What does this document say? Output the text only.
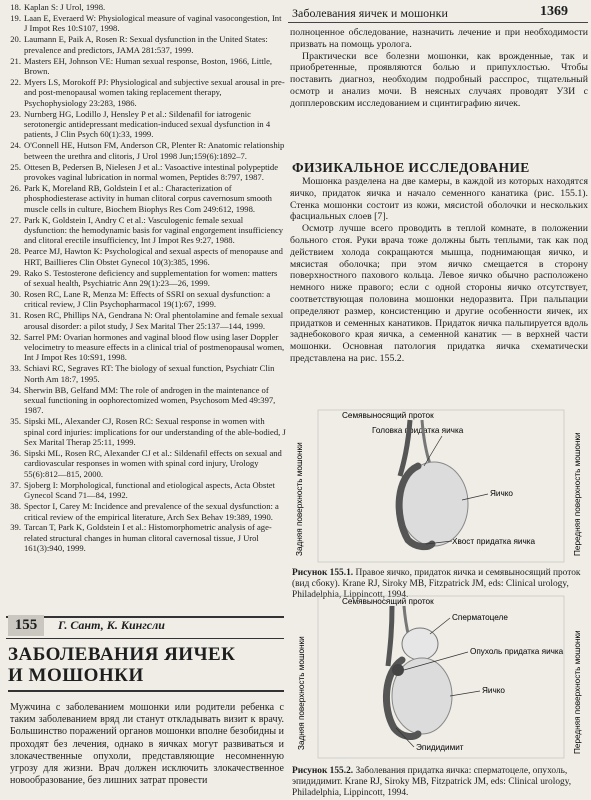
Заболевания яичек и мошонки	1369
18. Kaplan S: J Urol, 1998.
19. Laan E, Everaerd W: Physiological measure of vaginal vasocongestion, Int J Impot Res 10:S107, 1998.
20. Laumann E, Paik A, Rosen R: Sexual dysfunction in the United States: prevalence and predictors, JAMA 281:537, 1999.
21. Masters EH, Johnson VE: Human sexual response, Boston, 1966, Little, Brown.
22. Myers LS, Morokoff PJ: Physiological and subjective sexual arousal in pre- and post-menopausal women taking replacement therapy, Psychophysiology 23:283, 1986.
23. Nurnberg HG, Lodillo J, Hensley P et al.: Sildenafil for iatrogenic serotonergic antidepressant medication-induced sexual dysfunction in 4 patients, J Clin Psych 60(1):33, 1999.
24. O'Connell HE, Hutson FM, Anderson CR, Plenter R: Anatomic relationship between the urethra and clitoris, J Urol 1998 Jun;159(6):1892–7.
25. Ottesen B, Pedersen B, Nielesen J et al.: Vasoactive intestinal polypeptide provokes vaginal lubrication in normal women, Peptides 8:797, 1987.
26. Park K, Moreland RB, Goldstein I et al.: Characterization of phosphodiesterase activity in human clitoral corpus cavernosum smooth muscle cells in culture, Biochem Biophys Res Com 249:612, 1998.
27. Park K, Goldstein I, Andry C et al.: Vasculogenic female sexual dysfunction: the hemodynamic basis for vaginal engorgement insufficiency and clitoral erectile insufficiency, Int J Impot Res 9:27, 1988.
28. Pearce MJ, Hawton K: Psychological and sexual aspects of menopause and HRT, Baillieres Clin Obstet Gynecol 10(3):385, 1996.
29. Rako S. Testosterone deficiency and supplementation for women: matters of sexual health, Psychiatric Ann 29(1):23—26, 1999.
30. Rosen RC, Lane R, Menza M: Effects of SSRI on sexual dysfunction: a critical review, J Clin Psychopharmacol 19(1):67, 1999.
31. Rosen RC, Phillips NA, Gendrana N: Oral phentolamine and female sexual arousal disorder: a pilot study, J Sex Marital Ther 25:137—144, 1999.
32. Sarrel PM: Ovarian hormones and vaginal blood flow using laser Doppler velocimetry to measure effects in a clinical trial of postmenopausal women, Int J Impot Res 10:S91, 1998.
33. Schiavi RC, Segraves RT: The biology of sexual function, Psychiatr Clin North Am 18:7, 1995.
34. Sherwin BB, Gelfand MM: The role of androgen in the maintenance of sexual functioning in oophorectomized women, Psychosom Med 49:397, 1987.
35. Sipski ML, Alexander CJ, Rosen RC: Sexual response in women with spinal cord injuries: implications for our understanding of the able-bodied, J Sex Marital Therap 25:11, 1999.
36. Sipski ML, Rosen RC, Alexander CJ et al.: Sildenafil effects on sexual and cardiovascular responses in women with spinal cord injury, Urology 55(6):812—815, 2000.
37. Sjoberg I: Morphological, functional and etiological aspects, Acta Obstet Gynecol Scand 71—84, 1992.
38. Spector I, Carey M: Incidence and prevalence of the sexual dysfunction: a critical review of the empirical literature, Arch Sex Behav 19:389, 1990.
39. Tarcan T, Park K, Goldstein I et al.: Histomorphometric analysis of age-related structural changes in human clitoral cavernosal tissue, J Urol 161(3):940, 1999.
155	Г. Сант, К. Кингсли
ЗАБОЛЕВАНИЯ ЯИЧЕК
И МОШОНКИ
Мужчина с заболеванием мошонки или родители ребенка с таким заболеванием вряд ли станут откладывать визит к врачу. Большинство поражений органов мошонки вполне безобидны и проходят без лечения, однако в яичках могут развиваться и злокачественные опухоли, представляющие несомненную угрозу для жизни. Врач должен исключить злокачественное новообразование, без лишних затрат провести

полноценное обследование, назначить лечение и при необходимости призвать на помощь уролога.

Практически все болезни мошонки, как врожденные, так и приобретенные, проявляются болью и припухлостью. Чтобы поставить диагноз, необходим подробный расспрос, тщательный осмотр и анализ мочи. В неясных случаях проводят УЗИ с допплеровским исследованием и сцинтиграфию яичек.

ФИЗИКАЛЬНОЕ ИССЛЕДОВАНИЕ

Мошонка разделена на две камеры, в каждой из которых находятся яичко, придаток яичка и начало семенного канатика (рис. 155.1). Стенка мошонки состоит из кожи, мясистой оболочки и нескольких фасциальных слоев [7].

Осмотр лучше всего проводить в теплой комнате, в положении больного стоя. Руки врача тоже должны быть теплыми, так как под действием холода сокращаются мышца, поднимающая яичко, и мясистая оболочка; при этом яичко смещается в сторону поверхностного пахового кольца. Левое яичко обычно расположено немного ниже правого; если с одной стороны яичко отсутствует, соответствующая половина мошонки недоразвита. При пальпации определяют размер, консистенцию и другие особенности яичек, их придатков и семенных канатиков. Придаток яичка пальпируется вдоль заднебокового края яичка, а семенной канатик — в верхней части мошонки. Основная патология придатка яичка схематически представлена на рис. 155.2.

Задняя поверхность мошонки	Передняя поверхность мошонки
Семявыносящий проток
Головка придатка яичка
Яичко
Хвост придатка яичка
Рисунок 155.1. Правое яичко, придаток яичка и семявыносящий проток (вид сбоку). Krane RJ, Siroky MB, Fitzpatrick JM, eds: Clinical urology, Philadelphia, Lippincott, 1994.
Задняя поверхность мошонки	Передняя поверхность мошонки
Семявыносящий проток
Сперматоцеле
Опухоль придатка яичка
Яичко
Эпидидимит
Рисунок 155.2. Заболевания придатка яичка: сперматоцеле, опухоль, эпидидимит. Krane RJ, Siroky MB, Fitzpatrick JM, eds: Clinical urology, Philadelphia, Lippincott, 1994.
